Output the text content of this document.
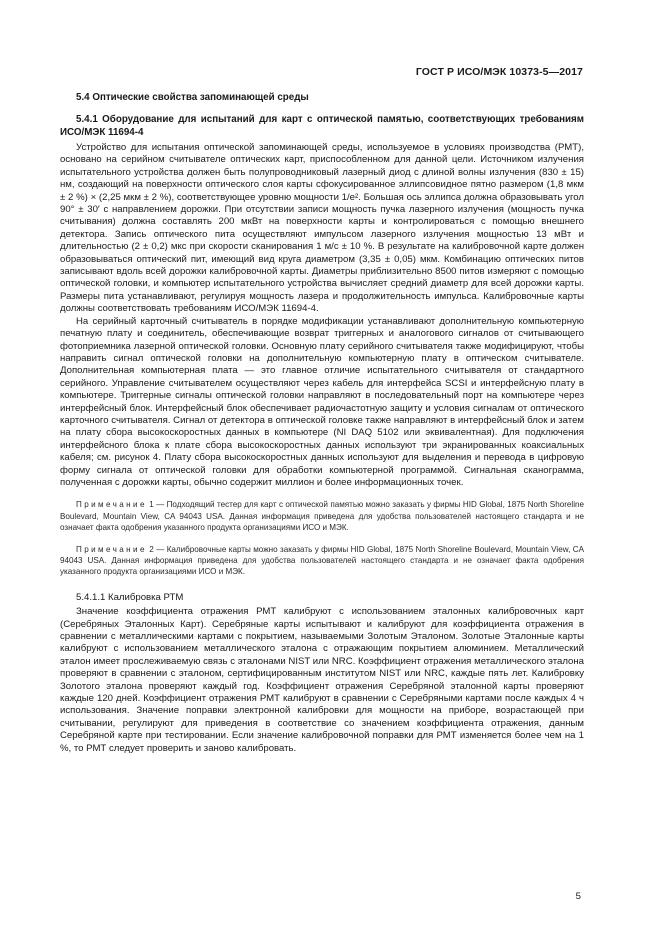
ГОСТ Р ИСО/МЭК 10373-5—2017
5.4 Оптические свойства запоминающей среды
5.4.1 Оборудование для испытаний для карт с оптической памятью, соответствующих требованиям ИСО/МЭК 11694-4

Устройство для испытания оптической запоминающей среды, используемое в условиях производства (РМТ), основано на серийном считывателе оптических карт, приспособленном для данной цели. Источником излучения испытательного устройства должен быть полупроводниковый лазерный диод с длиной волны излучения (830 ± 15) нм, создающий на поверхности оптического слоя карты сфокусированное эллипсовидное пятно размером (1,8 мкм ± 2 %) × (2,25 мкм ± 2 %), соответствующее уровню мощности 1/e². Большая ось эллипса должна образовывать угол 90° ± 30′ с направлением дорожки. При отсутствии записи мощность пучка лазерного излучения (мощность пучка считывания) должна составлять 200 мкВт на поверхности карты и контролироваться с помощью внешнего детектора. Запись оптического пита осуществляют импульсом лазерного излучения мощностью 13 мВт и длительностью (2 ± 0,2) мкс при скорости сканирования 1 м/с ± 10 %. В результате на калибровочной карте должен образовываться оптический пит, имеющий вид круга диаметром (3,35 ± 0,05) мкм. Комбинацию оптических питов записывают вдоль всей дорожки калибровочной карты. Диаметры приблизительно 8500 питов измеряют с помощью оптической головки, и компьютер испытательного устройства вычисляет средний диаметр для всей дорожки карты. Размеры пита устанавливают, регулируя мощность лазера и продолжительность импульса. Калибровочные карты должны соответствовать требованиям ИСО/МЭК 11694-4.

На серийный карточный считыватель в порядке модификации устанавливают дополнительную компьютерную печатную плату и соединитель, обеспечивающие возврат триггерных и аналогового сигналов от считывающего фотоприемника лазерной оптической головки. Основную плату серийного считывателя также модифицируют, чтобы направить сигнал оптической головки на дополнительную компьютерную плату в оптическом считывателе. Дополнительная компьютерная плата — это главное отличие испытательного считывателя от стандартного серийного. Управление считывателем осуществляют через кабель для интерфейса SCSI и интерфейсную плату в компьютере. Триггерные сигналы оптической головки направляют в последовательный порт на компьютере через интерфейсный блок. Интерфейсный блок обеспечивает радиочастотную защиту и условия сигналам от оптического карточного считывателя. Сигнал от детектора в оптической головке также направляют в интерфейсный блок и затем на плату сбора высокоскоростных данных в компьютере (NI DAQ 5102 или эквивалентная). Для подключения интерфейсного блока к плате сбора высокоскоростных данных используют три экранированных коаксиальных кабеля; см. рисунок 4. Плату сбора высокоскоростных данных используют для выделения и перевода в цифровую форму сигнала от оптической головки для обработки компьютерной программой. Сигнальная сканограмма, полученная с дорожки карты, обычно содержит миллион и более информационных точек.

Примечание 1 — Подходящий тестер для карт с оптической памятью можно заказать у фирмы HID Global, 1875 North Shoreline Boulevard, Mountain View, CA 94043 USA. Данная информация приведена для удобства пользователей настоящего стандарта и не означает факта одобрения указанного продукта организациями ИСО и МЭК.

Примечание 2 — Калибровочные карты можно заказать у фирмы HID Global, 1875 North Shoreline Boulevard, Mountain View, CA 94043 USA. Данная информация приведена для удобства пользователей настоящего стандарта и не означает факта одобрения указанного продукта организациями ИСО и МЭК.

5.4.1.1 Калибровка РТМ

Значение коэффициента отражения РМТ калибруют с использованием эталонных калибровочных карт (Серебряных Эталонных Карт). Серебряные карты испытывают и калибруют для коэффициента отражения в сравнении с металлическими картами с покрытием, называемыми Золотым Эталоном. Золотые Эталонные карты калибруют с использованием металлического эталона с отражающим покрытием алюминием. Металлический эталон имеет прослеживаемую связь с эталонами NIST или NRC. Коэффициент отражения металлического эталона проверяют в сравнении с эталоном, сертифицированным институтом NIST или NRC, каждые пять лет. Калибровку Золотого эталона проверяют каждый год. Коэффициент отражения Серебряной эталонной карты проверяют каждые 120 дней. Коэффициент отражения РМТ калибруют в сравнении с Серебряными картами после каждых 4 ч использования. Значение поправки электронной калибровки для мощности на приборе, возрастающей при считывании, регулируют для приведения в соответствие со значением коэффициента отражения, данным Серебряной карте при тестировании. Если значение калибровочной поправки для РМТ изменяется более чем на 1 %, то РМТ следует проверить и заново калибровать.

5
